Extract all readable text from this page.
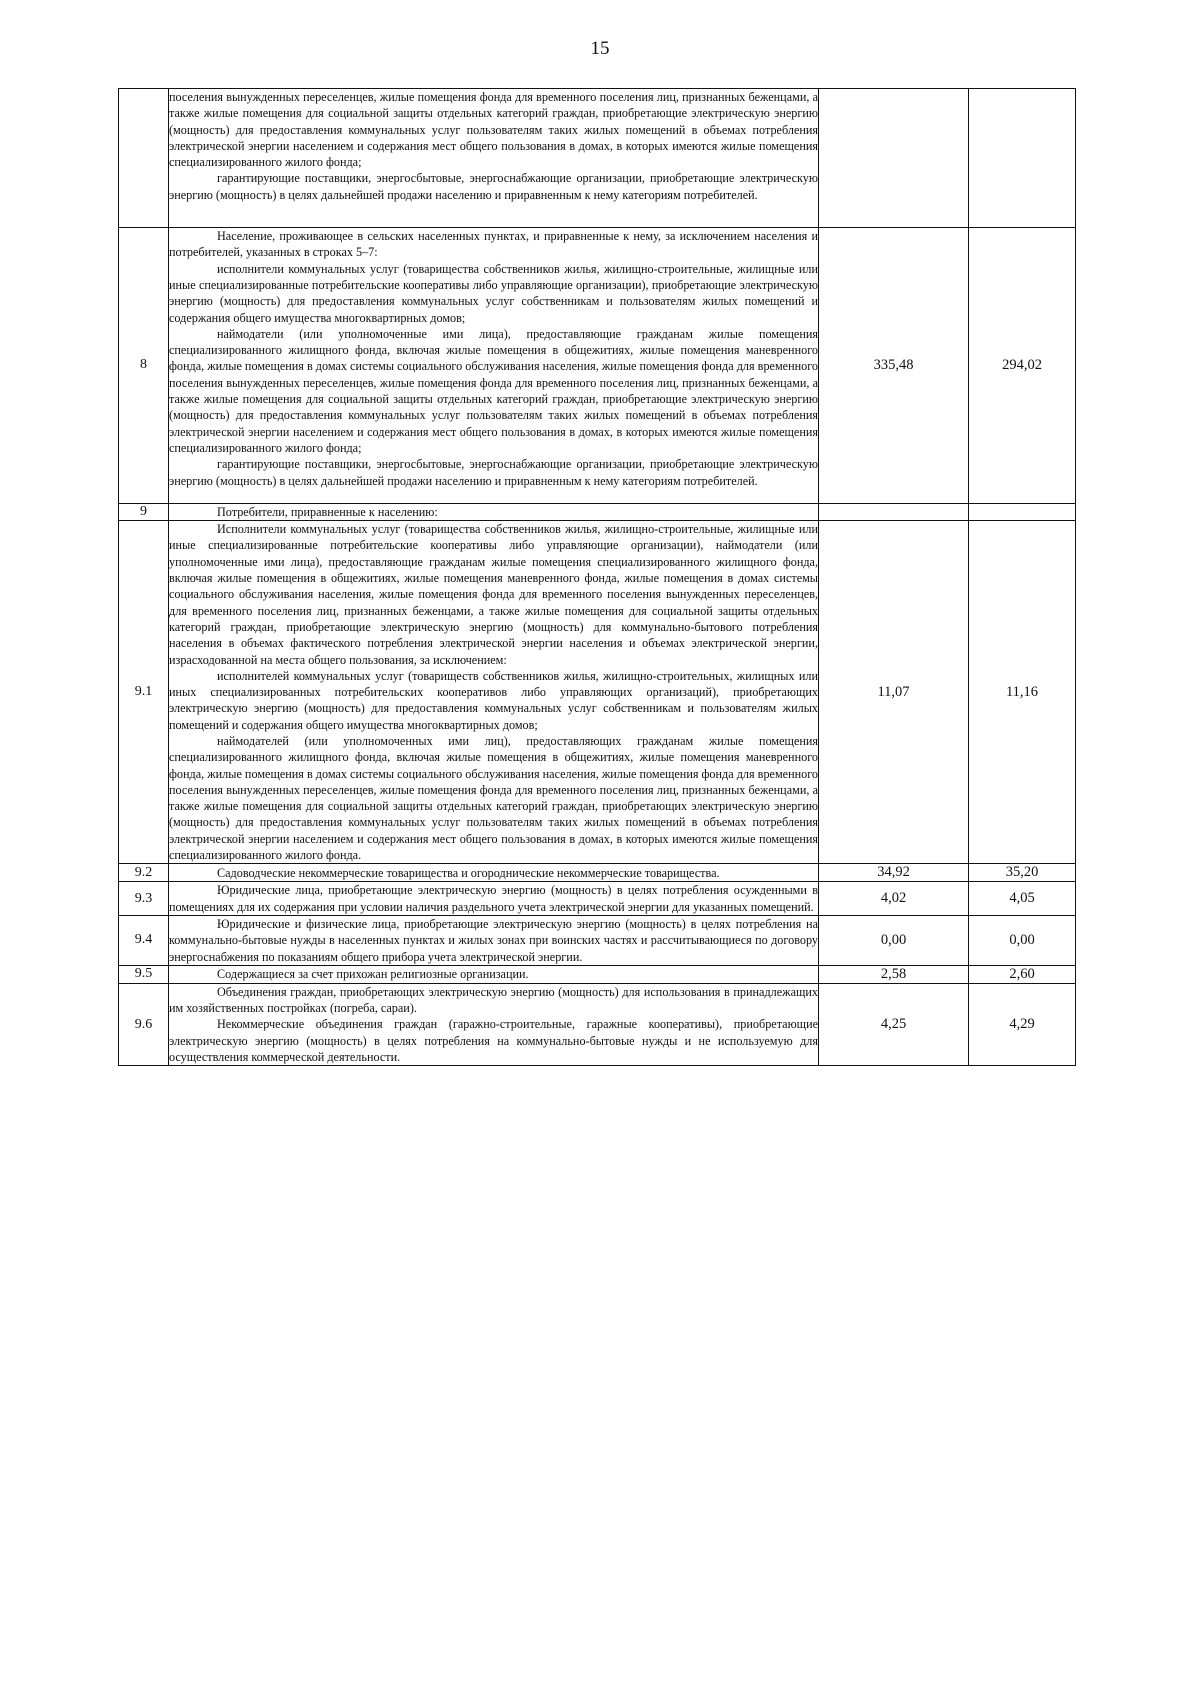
15

	поселения вынужденных переселенцев, жилые помещения фонда для временного поселения лиц, признанных беженцами, а также жилые помещения для социальной защиты отдельных категорий граждан, приобретающие электрическую энергию (мощность) для предоставления коммунальных услуг пользователям таких жилых помещений в объемах потребления электрической энергии населением и содержания мест общего пользования в домах, в которых имеются жилые помещения специализированного жилого фонда;

гарантирующие поставщики, энергосбытовые, энергоснабжающие организации, приобретающие электрическую энергию (мощность) в целях дальнейшей продажи населению и приравненным к нему категориям потребителей.		

8	Население, проживающее в сельских населенных пунктах, и приравненные к нему, за исключением населения и потребителей, указанных в строках 5–7:

исполнители коммунальных услуг (товарищества собственников жилья, жилищно-строительные, жилищные или иные специализированные потребительские кооперативы либо управляющие организации), приобретающие электрическую энергию (мощность) для предоставления коммунальных услуг собственникам и пользователям жилых помещений и содержания общего имущества многоквартирных домов;

наймодатели (или уполномоченные ими лица), предоставляющие гражданам жилые помещения специализированного жилищного фонда, включая жилые помещения в общежитиях, жилые помещения маневренного фонда, жилые помещения в домах системы социального обслуживания населения, жилые помещения фонда для временного поселения вынужденных переселенцев, жилые помещения фонда для временного поселения лиц, признанных беженцами, а также жилые помещения для социальной защиты отдельных категорий граждан, приобретающие электрическую энергию (мощность) для предоставления коммунальных услуг пользователям таких жилых помещений в объемах потребления электрической энергии населением и содержания мест общего пользования в домах, в которых имеются жилые помещения специализированного жилого фонда;

гарантирующие поставщики, энергосбытовые, энергоснабжающие организации, приобретающие электрическую энергию (мощность) в целях дальнейшей продажи населению и приравненным к нему категориям потребителей.	335,48	294,02
9	Потребители, приравненные к населению:		

9.1	Исполнители коммунальных услуг (товарищества собственников жилья, жилищно-строительные, жилищные или иные специализированные потребительские кооперативы либо управляющие организации), наймодатели (или уполномоченные ими лица), предоставляющие гражданам жилые помещения специализированного жилищного фонда, включая жилые помещения в общежитиях, жилые помещения маневренного фонда, жилые помещения в домах системы социального обслуживания населения, жилые помещения фонда для временного поселения вынужденных переселенцев, для временного поселения лиц, признанных беженцами, а также жилые помещения для социальной защиты отдельных категорий граждан, приобретающие электрическую энергию (мощность) для коммунально-бытового потребления населения в объемах фактического потребления электрической энергии населения и объемах электрической энергии, израсходованной на места общего пользования, за исключением:

исполнителей коммунальных услуг (товариществ собственников жилья, жилищно-строительных, жилищных или иных специализированных потребительских кооперативов либо управляющих организаций), приобретающих электрическую энергию (мощность) для предоставления коммунальных услуг собственникам и пользователям жилых помещений и содержания общего имущества многоквартирных домов;

наймодателей (или уполномоченных ими лиц), предоставляющих гражданам жилые помещения специализированного жилищного фонда, включая жилые помещения в общежитиях, жилые помещения маневренного фонда, жилые помещения в домах системы социального обслуживания населения, жилые помещения фонда для временного поселения вынужденных переселенцев, жилые помещения фонда для временного поселения лиц, признанных беженцами, а также жилые помещения для социальной защиты отдельных категорий граждан, приобретающих электрическую энергию (мощность) для предоставления коммунальных услуг пользователям таких жилых помещений в объемах потребления электрической энергии населением и содержания мест общего пользования в домах, в которых имеются жилые помещения специализированного жилого фонда.	11,07	11,16
9.2	Садоводческие некоммерческие товарищества и огороднические некоммерческие товарищества.	34,92	35,20
9.3	Юридические лица, приобретающие электрическую энергию (мощность) в целях потребления осужденными в помещениях для их содержания при условии наличия раздельного учета электрической энергии для указанных помещений.	4,02	4,05
9.4	Юридические и физические лица, приобретающие электрическую энергию (мощность) в целях потребления на коммунально-бытовые нужды в населенных пунктах и жилых зонах при воинских частях и рассчитывающиеся по договору энергоснабжения по показаниям общего прибора учета электрической энергии.	0,00	0,00
9.5	Содержащиеся за счет прихожан религиозные организации.	2,58	2,60
9.6	Объединения граждан, приобретающих электрическую энергию (мощность) для использования в принадлежащих им хозяйственных постройках (погреба, сараи).

Некоммерческие объединения граждан (гаражно-строительные, гаражные кооперативы), приобретающие электрическую энергию (мощность) в целях потребления на коммунально-бытовые нужды и не используемую для осуществления коммерческой деятельности.	4,25	4,29
